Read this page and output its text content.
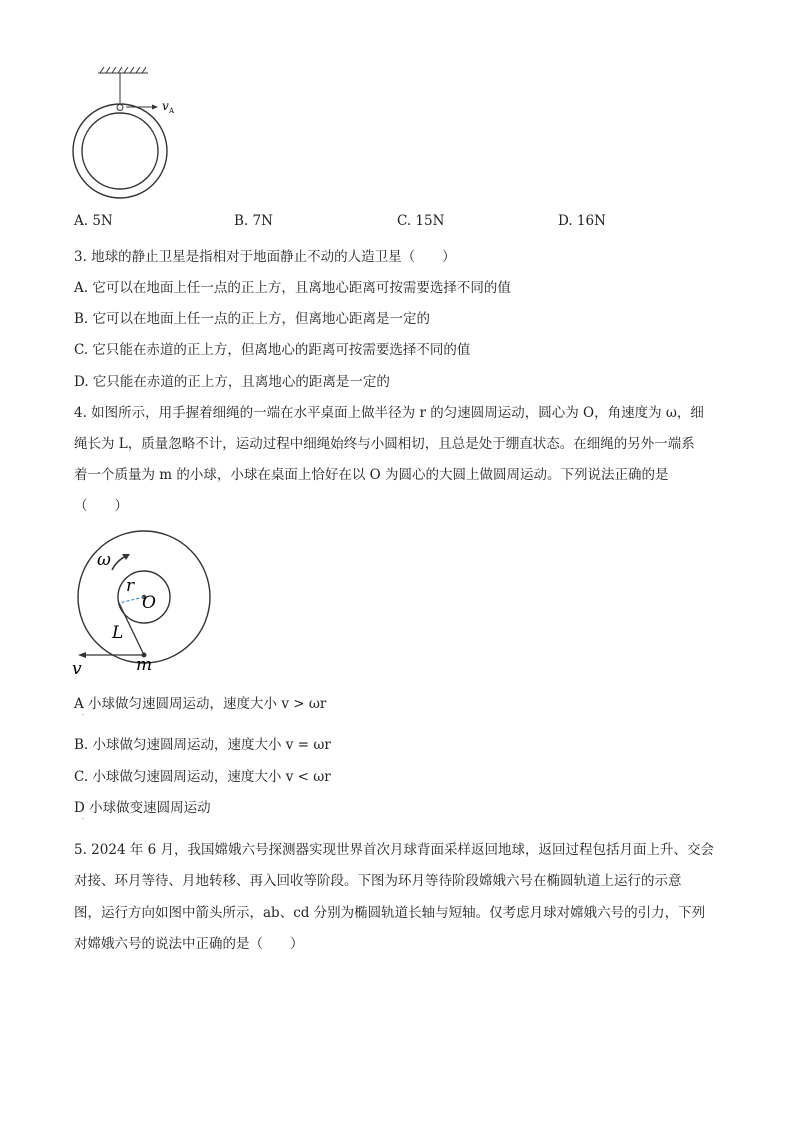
v A
A. 5N	B. 7N	C. 15N	D. 16N
3. 地球的静止卫星是指相对于地面静止不动的人造卫星（　　）
A. 它可以在地面上任一点的正上方，且离地心距离可按需要选择不同的值
B. 它可以在地面上任一点的正上方，但离地心距离是一定的
C. 它只能在赤道的正上方，但离地心的距离可按需要选择不同的值
D. 它只能在赤道的正上方，且离地心的距离是一定的
4. 如图所示，用手握着细绳的一端在水平桌面上做半径为 r 的匀速圆周运动，圆心为 O，角速度为 ω，细
绳长为 L，质量忽略不计，运动过程中细绳始终与小圆相切，且总是处于绷直状态。在细绳的另外一端系
着一个质量为 m 的小球，小球在桌面上恰好在以 O 为圆心的大圆上做圆周运动。下列说法正确的是
（　　）
ω
r
O
L
v	m
A 小球做匀速圆周运动，速度大小 v > ωr
.
B. 小球做匀速圆周运动，速度大小 v = ωr
C. 小球做匀速圆周运动，速度大小 v < ωr
D 小球做变速圆周运动
.
5. 2024 年 6 月，我国嫦娥六号探测器实现世界首次月球背面采样返回地球，返回过程包括月面上升、交会
对接、环月等待、月地转移、再入回收等阶段。下图为环月等待阶段嫦娥六号在椭圆轨道上运行的示意
图，运行方向如图中箭头所示，ab、cd 分别为椭圆轨道长轴与短轴。仅考虑月球对嫦娥六号的引力，下列
对嫦娥六号的说法中正确的是（　　）
